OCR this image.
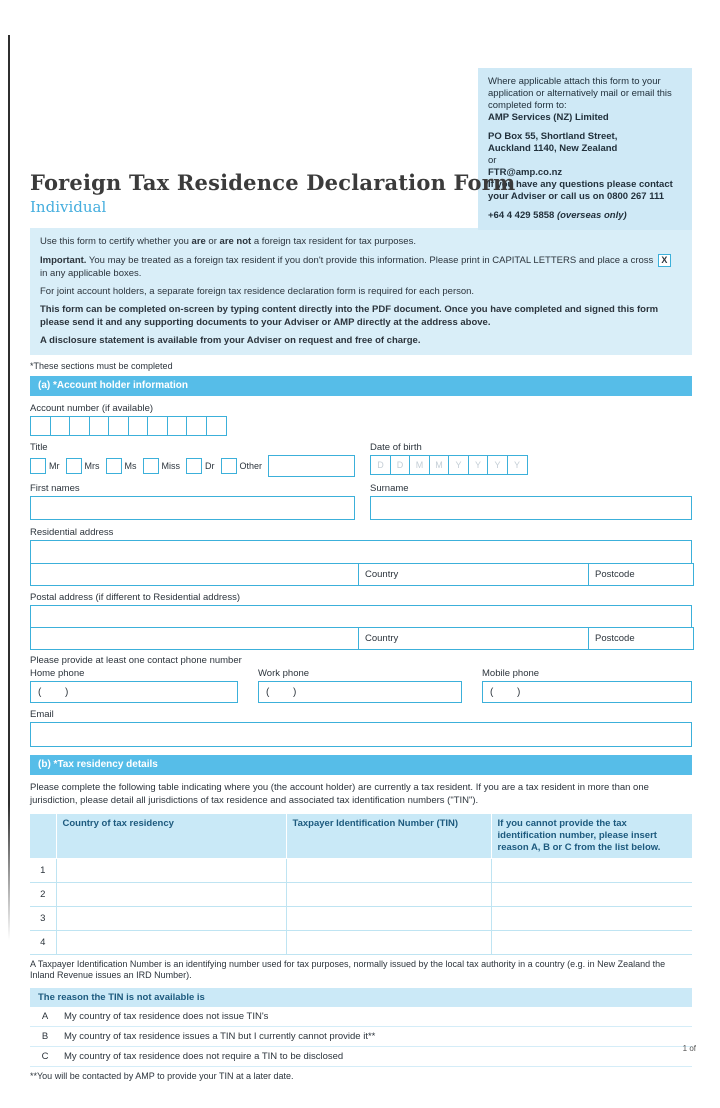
Where applicable attach this form to your application or alternatively mail or email this completed form to:

AMP Services (NZ) Limited

PO Box 55, Shortland Street,

Auckland 1140, New Zealand

or

FTR@amp.co.nz

If you have any questions please contact your Adviser or call us on 0800 267 111

+64 4 429 5858 (overseas only)

Foreign Tax Residence Declaration Form
Individual

Use this form to certify whether you are or are not a foreign tax resident for tax purposes.

Important. You may be treated as a foreign tax resident if you don't provide this information. Please print in CAPITAL LETTERS and place a cross X
in any applicable boxes.

For joint account holders, a separate foreign tax residence declaration form is required for each person.

This form can be completed on-screen by typing content directly into the PDF document. Once you have completed and signed this form please send it and any supporting documents to your Adviser or AMP directly at the address above.

A disclosure statement is available from your Adviser on request and free of charge.

*These sections must be completed
(a) *Account holder information
Account number (if available)
Title
Mr	Mrs	Ms	Miss	Dr	Other
Date of birth
D	D	M	M	Y	Y	Y	Y
First names	Surname
Residential address
Country	Postcode
Postal address (if different to Residential address)
Country	Postcode
Please provide at least one contact phone number
Home phone
(      )
Work phone
(      )
Mobile phone
(      )
Email
(b) *Tax residency details

Please complete the following table indicating where you (the account holder) are currently a tax resident. If you are a tax resident in more than one jurisdiction, please detail all jurisdictions of tax residence and associated tax identification numbers ("TIN").

	Country of tax residency	Taxpayer Identification Number (TIN)	If you cannot provide the tax identification number, please insert reason A, B or C from the list below.
1			
2			
3			
4			

A Taxpayer Identification Number is an identifying number used for tax purposes, normally issued by the local tax authority in a country (e.g. in New Zealand the Inland Revenue issues an IRD Number).

The reason the TIN is not available is
A	My country of tax residence does not issue TIN's
B	My country of tax residence issues a TIN but I currently cannot provide it**
C	My country of tax residence does not require a TIN to be disclosed
**You will be contacted by AMP to provide your TIN at a later date.
1 of
